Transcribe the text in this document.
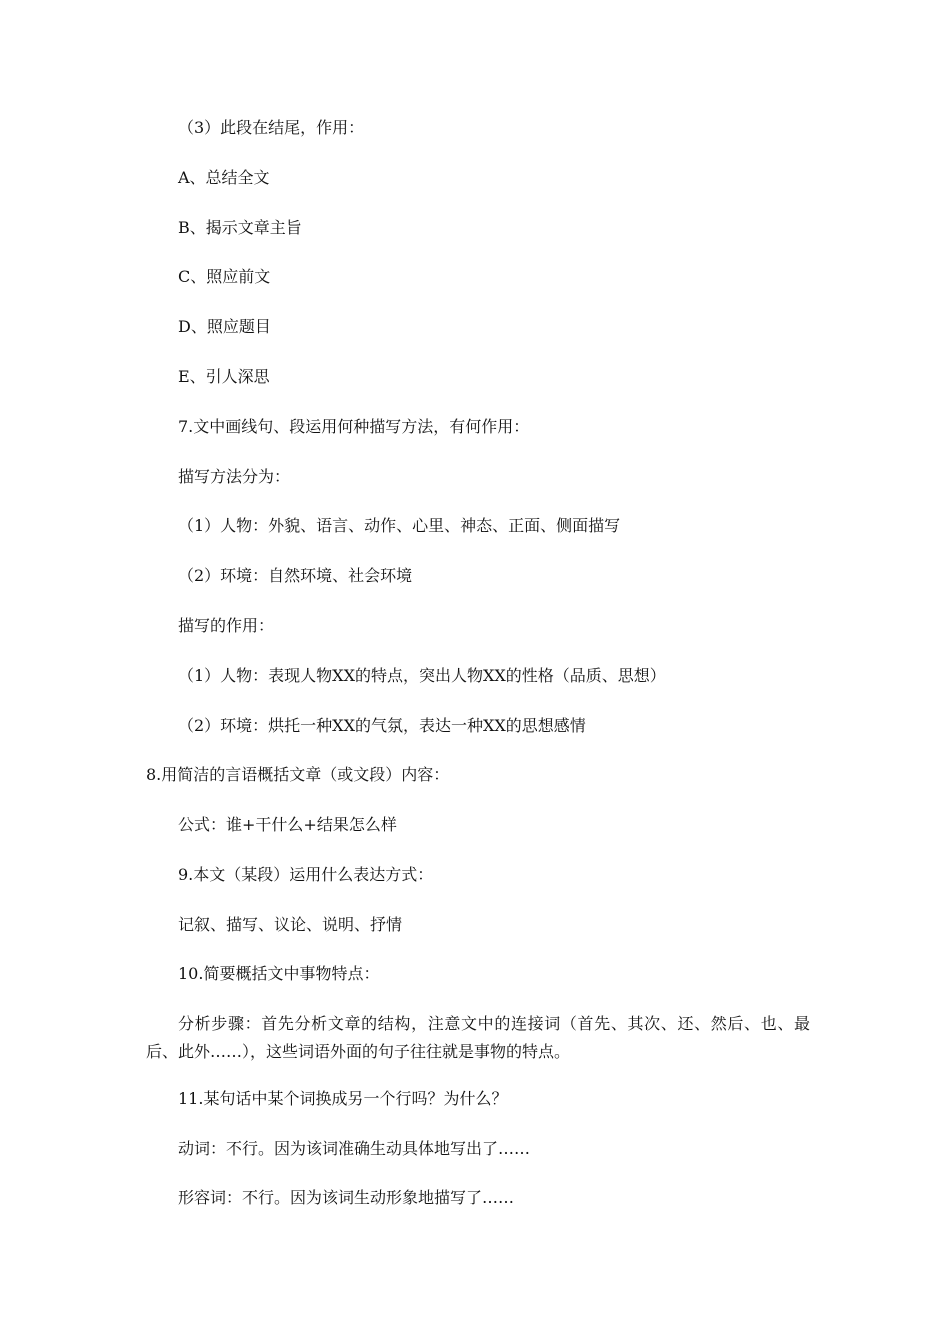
（3）此段在结尾，作用：
A、总结全文
B、揭示文章主旨
C、照应前文
D、照应题目
E、引人深思
7.文中画线句、段运用何种描写方法，有何作用：
描写方法分为：
（1）人物：外貌、语言、动作、心里、神态、正面、侧面描写
（2）环境：自然环境、社会环境
描写的作用：
（1）人物：表现人物XX的特点，突出人物XX的性格（品质、思想）
（2）环境：烘托一种XX的气氛，表达一种XX的思想感情
8.用简洁的言语概括文章（或文段）内容：
公式：谁+干什么+结果怎么样
9.本文（某段）运用什么表达方式：
记叙、描写、议论、说明、抒情
10.简要概括文中事物特点：
分析步骤：首先分析文章的结构，注意文中的连接词（首先、其次、还、然后、也、最后、此外……），这些词语外面的句子往往就是事物的特点。
11.某句话中某个词换成另一个行吗？为什么？
动词：不行。因为该词准确生动具体地写出了……
形容词：不行。因为该词生动形象地描写了……
